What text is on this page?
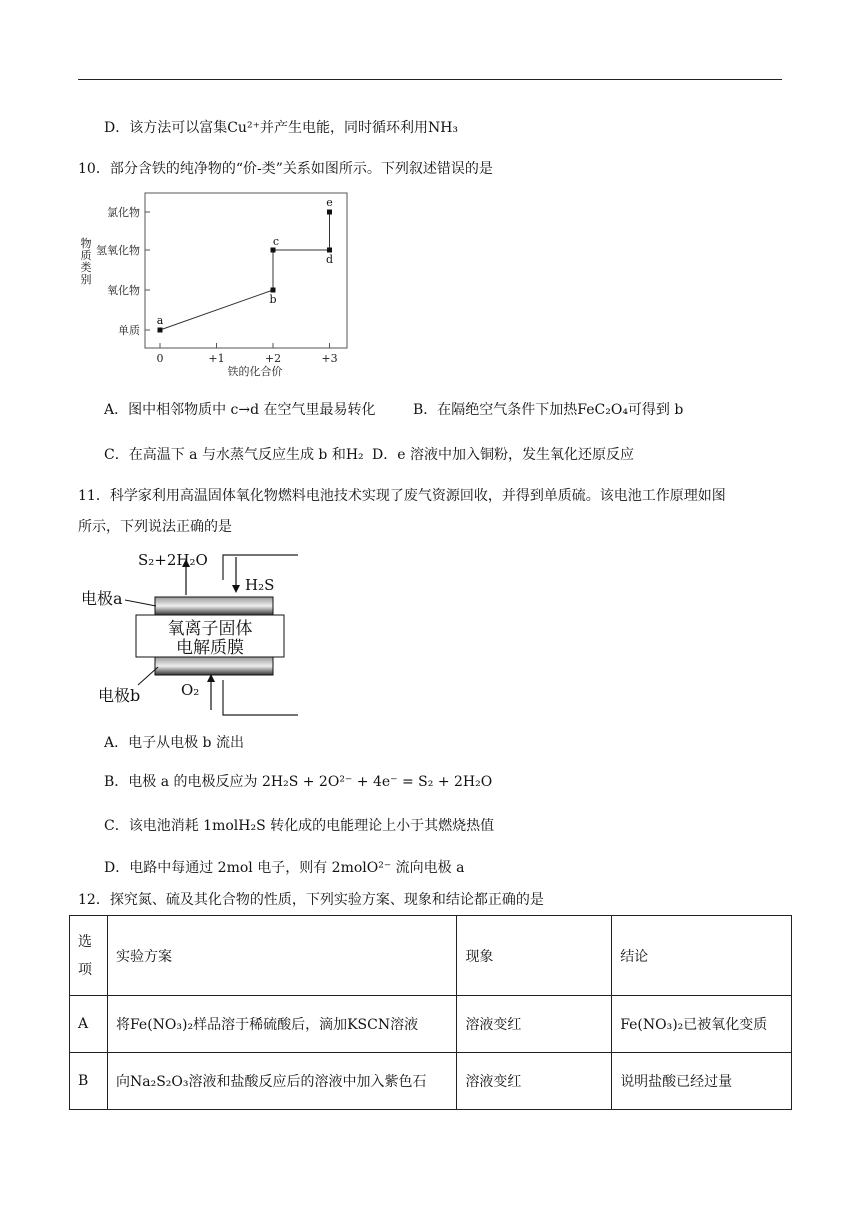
D．该方法可以富集Cu²⁺并产生电能，同时循环利用NH₃
10．部分含铁的纯净物的“价-类”关系如图所示。下列叙述错误的是
物
质
类
别
单质
氧化物
氢氧化物
氯化物
0	+1	+2	+3
a
b
c
d
e
铁的化合价
A．图中相邻物质中 c→d 在空气里最易转化	B．在隔绝空气条件下加热FeC₂O₄可得到 b
C．在高温下 a 与水蒸气反应生成 b 和H₂ D．e 溶液中加入铜粉，发生氧化还原反应
11．科学家利用高温固体氧化物燃料电池技术实现了废气资源回收，并得到单质硫。该电池工作原理如图
所示，下列说法正确的是
S₂+2H₂O
H₂S
电极a
氧离子固体
电解质膜
电极b	O₂
A．电子从电极 b 流出
B．电极 a 的电极反应为 2H₂S + 2O²⁻ + 4e⁻ = S₂ + 2H₂O
C．该电池消耗 1molH₂S 转化成的电能理论上小于其燃烧热值
D．电路中每通过 2mol 电子，则有 2molO²⁻ 流向电极 a
12．探究氮、硫及其化合物的性质，下列实验方案、现象和结论都正确的是
选
项	实验方案	现象	结论
A	将Fe(NO₃)₂样品溶于稀硫酸后，滴加KSCN溶液	溶液变红	Fe(NO₃)₂已被氧化变质
B	向Na₂S₂O₃溶液和盐酸反应后的溶液中加入紫色石	溶液变红	说明盐酸已经过量
